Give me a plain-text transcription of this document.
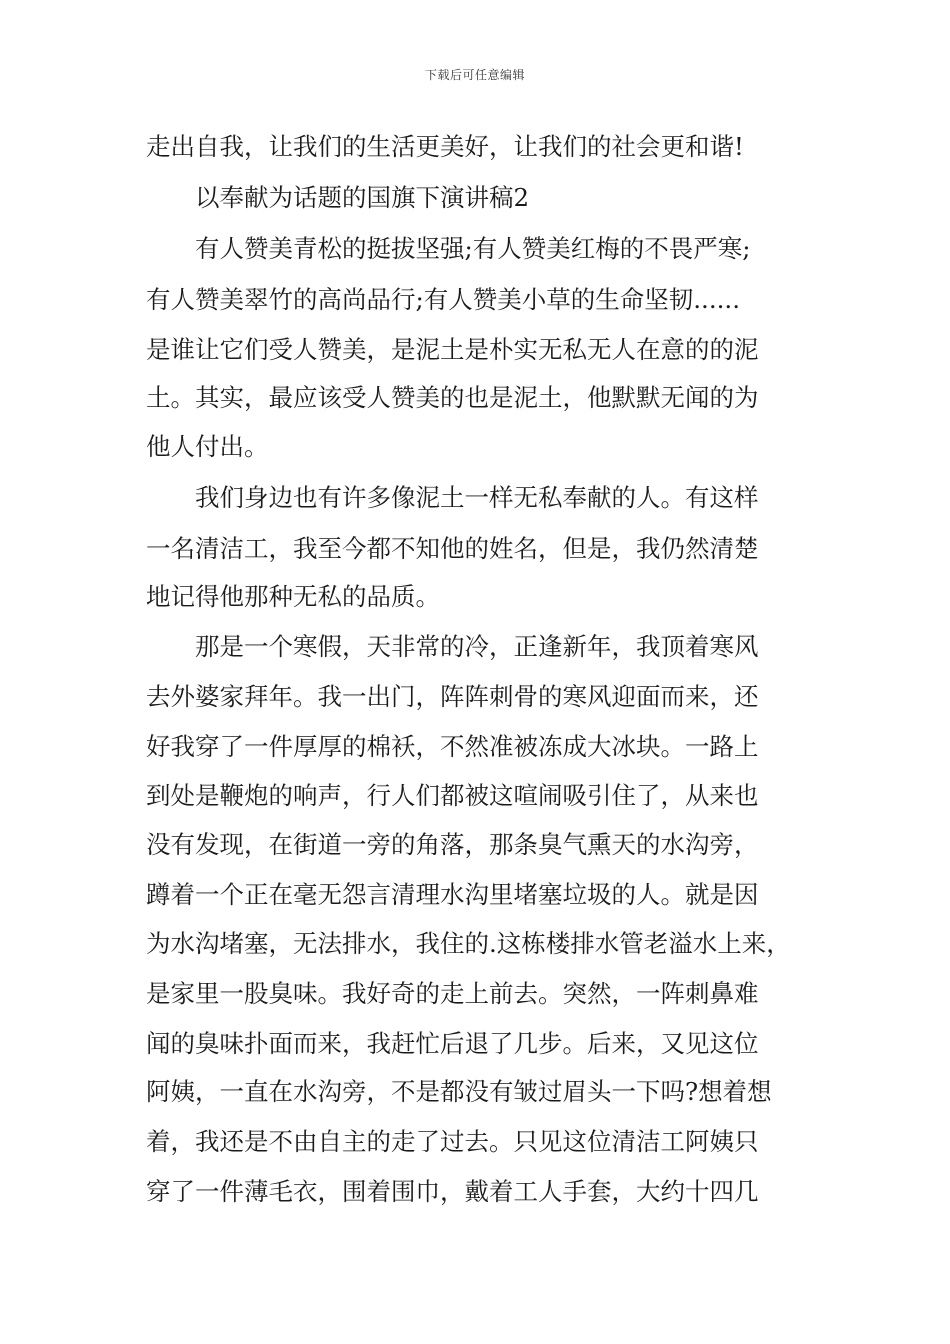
下载后可任意编辑
走出自我，让我们的生活更美好，让我们的社会更和谐!
以奉献为话题的国旗下演讲稿2
有人赞美青松的挺拔坚强;有人赞美红梅的不畏严寒;
有人赞美翠竹的高尚品行;有人赞美小草的生命坚韧......
是谁让它们受人赞美，是泥土是朴实无私无人在意的的泥
土。其实，最应该受人赞美的也是泥土，他默默无闻的为
他人付出。
我们身边也有许多像泥土一样无私奉献的人。有这样
一名清洁工，我至今都不知他的姓名，但是，我仍然清楚
地记得他那种无私的品质。
那是一个寒假，天非常的冷，正逢新年，我顶着寒风
去外婆家拜年。我一出门，阵阵刺骨的寒风迎面而来，还
好我穿了一件厚厚的棉袄，不然准被冻成大冰块。一路上
到处是鞭炮的响声，行人们都被这喧闹吸引住了，从来也
没有发现，在街道一旁的角落，那条臭气熏天的水沟旁，
蹲着一个正在毫无怨言清理水沟里堵塞垃圾的人。就是因
为水沟堵塞，无法排水，我住的.这栋楼排水管老溢水上来，
是家里一股臭味。我好奇的走上前去。突然，一阵刺鼻难
闻的臭味扑面而来，我赶忙后退了几步。后来，又见这位
阿姨，一直在水沟旁，不是都没有皱过眉头一下吗?想着想
着，我还是不由自主的走了过去。只见这位清洁工阿姨只
穿了一件薄毛衣，围着围巾，戴着工人手套，大约十四几
